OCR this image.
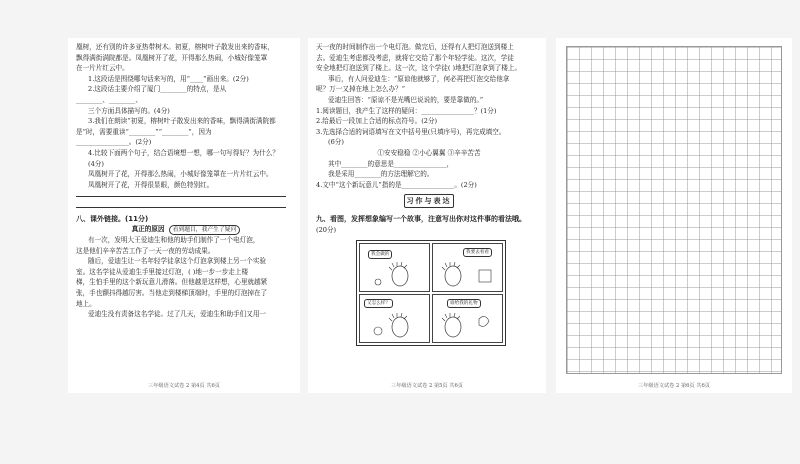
凰树，还有别的许多亚热带树木。初夏，榕树叶子散发出来的香味，
飘得满街满院都是。凤凰树开了花，开得那么热闹，小城好像笼罩
在一片片红云中。
1.这段话是围绕哪句话来写的，用“____”画出来。(2分)
2.这段话主要介绍了厦门________的特点，是从
________、________、
三个方面具体描写的。(4分)
3.我们在朗读“初夏，榕树叶子散发出来的香味，飘得满街满院都
是”时，需要重读“________”“________”，因为
________________。(2分)
4.比较下面两个句子，结合语境想一想，哪一句写得好？为什么？
(4分)
凤凰树开了花，开得那么热闹，小城好像笼罩在一片片红云中。
凤凰树开了花，开得很显眼，颜色特别红。
八、课外链接。(11分)
真正的原因 看到题目，我产生了疑问
有一次，发明大王爱迪生和他的助手们制作了一个电灯泡，
这是他们辛辛苦苦工作了一天一夜的劳动成果。
随后，爱迪生让一名年轻学徒拿这个灯泡拿到楼上另一个实验
室。这名学徒从爱迪生手里接过灯泡，( )地一步一步走上楼
梯，生怕手里的这个新玩意儿滑落。但他越是这样想，心里就越紧
张，手也颤抖得越厉害。当他走到楼梯顶端时，手里的灯泡掉在了
地上。
爱迪生没有责备这名学徒。过了几天，爱迪生和助手们又用一
三年级语文试卷 2 第4页 共6页
天一夜的时间制作出一个电灯泡。做完后，还得有人把灯泡送到楼上
去。爱迪生考虑都没考虑，就将它交给了那个年轻学徒。这次，学徒
安全地把灯泡送到了楼上。这一次，这个学徒( )地把灯泡拿到了楼上。
事后，有人问爱迪生：“原谅他就够了，何必再把灯泡交给他拿
呢？万一又掉在地上怎么办？”
爱迪生回答：“原谅不是光嘴巴说说的，要是靠做的。”
1.阅读题目，我产生了这样的疑问：________________？(1分)
2.给最后一段加上合适的标点符号。(2分)
3.先选择合适的词语填写在文中括号里(只填序号)，再完成填空。
(6分)
①安安稳稳 ②小心翼翼 ③辛辛苦苦
其中________的意思是________________，
我是采用________的方法理解它的。
4.文中“这个新玩意儿”指的是________________。(2分)
习作与表达
九、看图，发挥想象编写一个故事，注意写出你对这件事的看法哦。
(20分)
我会做的	我要去看看
又怎么样？	谁给我的礼物
三年级语文试卷 2 第5页 共6页	三年级语文试卷 2 第6页 共6页
